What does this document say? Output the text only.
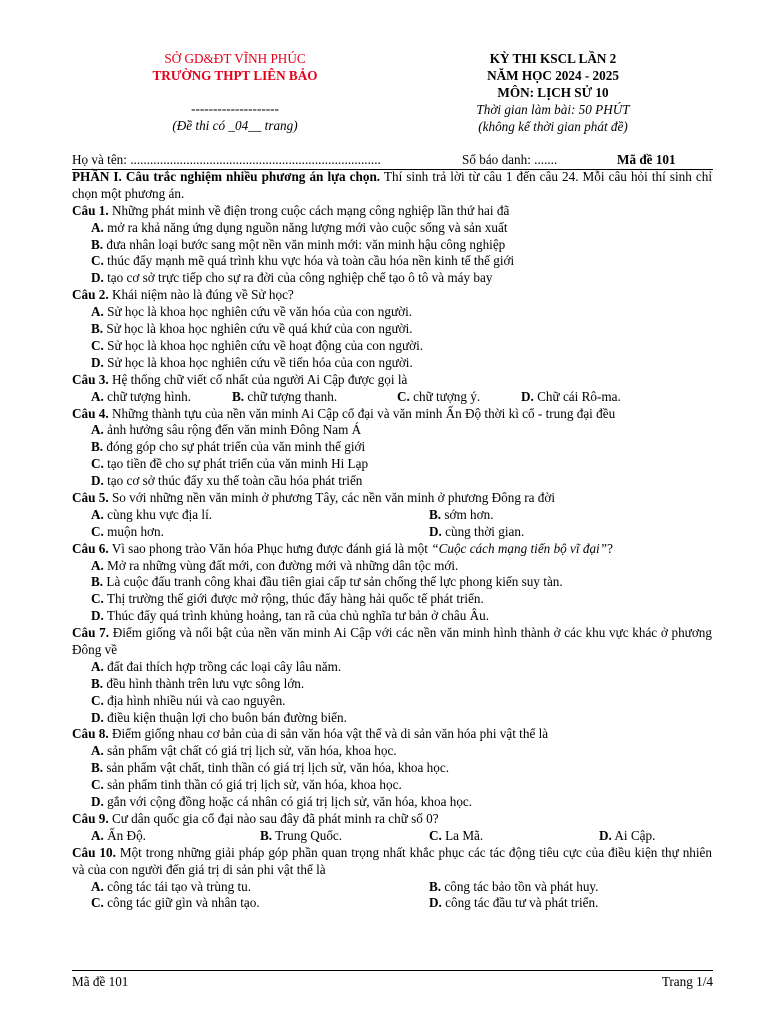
SỞ GD&ĐT VĨNH PHÚC
TRƯỜNG THPT LIÊN BẢO
--------------------
(Đề thi có _04__ trang)
KỲ THI KSCL LẦN 2
NĂM HỌC 2024 - 2025
MÔN: LỊCH SỬ 10
Thời gian làm bài: 50 PHÚT
(không kể thời gian phát đề)
Họ và tên: ............................................................................	Số báo danh: .......	Mã đề 101
PHẦN I. Câu trắc nghiệm nhiều phương án lựa chọn. Thí sinh trả lời từ câu 1 đến câu 24. Mỗi câu hỏi thí sinh chỉ chọn một phương án.
Câu 1. Những phát minh về điện trong cuộc cách mạng công nghiệp lần thứ hai đã
A. mở ra khả năng ứng dụng nguồn năng lượng mới vào cuộc sống và sản xuất
B. đưa nhân loại bước sang một nền văn minh mới: văn minh hậu công nghiệp
C. thúc đẩy mạnh mẽ quá trình khu vực hóa và toàn cầu hóa nền kinh tế thế giới
D. tạo cơ sở trực tiếp cho sự ra đời của công nghiệp chế tạo ô tô và máy bay
Câu 2. Khái niệm nào là đúng về Sử học?
A. Sử học là khoa học nghiên cứu về văn hóa của con người.
B. Sử học là khoa học nghiên cứu về quá khứ của con người.
C. Sử học là khoa học nghiên cứu về hoạt động của con người.
D. Sử học là khoa học nghiên cứu về tiến hóa của con người.
Câu 3. Hệ thống chữ viết cổ nhất của người Ai Cập được gọi là
A. chữ tượng hình.	B. chữ tượng thanh.	C. chữ tượng ý.	D. Chữ cái Rô-ma.
Câu 4. Những thành tựu của nền văn minh Ai Cập cổ đại và văn minh Ấn Độ thời kì cổ - trung đại đều
A. ảnh hưởng sâu rộng đến văn minh Đông Nam Á
B. đóng góp cho sự phát triển của văn minh thế giới
C. tạo tiền đề cho sự phát triển của văn minh Hi Lạp
D. tạo cơ sở thúc đẩy xu thế toàn cầu hóa phát triển
Câu 5. So với những nền văn minh ở phương Tây, các nền văn minh ở phương Đông ra đời
A. cùng khu vực địa lí.	B. sớm hơn.
C. muộn hơn.	D. cùng thời gian.
Câu 6. Vì sao phong trào Văn hóa Phục hưng được đánh giá là một “Cuộc cách mạng tiến bộ vĩ đại”?
A. Mở ra những vùng đất mới, con đường mới và những dân tộc mới.
B. Là cuộc đấu tranh công khai đầu tiên giai cấp tư sản chống thế lực phong kiến suy tàn.
C. Thị trường thế giới được mở rộng, thúc đẩy hàng hải quốc tế phát triển.
D. Thúc đẩy quá trình khủng hoảng, tan rã của chủ nghĩa tư bản ở châu Âu.
Câu 7. Điểm giống và nổi bật của nền văn minh Ai Cập với các nền văn minh hình thành ở các khu vực khác ở phương Đông về
A. đất đai thích hợp trồng các loại cây lâu năm.
B. đều hình thành trên lưu vực sông lớn.
C. địa hình nhiều núi và cao nguyên.
D. điều kiện thuận lợi cho buôn bán đường biển.
Câu 8. Điểm giống nhau cơ bản của di sản văn hóa vật thể và di sản văn hóa phi vật thể là
A. sản phẩm vật chất có giá trị lịch sử, văn hóa, khoa học.
B. sản phẩm vật chất, tinh thần có giá trị lịch sử, văn hóa, khoa học.
C. sản phẩm tinh thần có giá trị lịch sử, văn hóa, khoa học.
D. gắn với cộng đồng hoặc cá nhân có giá trị lịch sử, văn hóa, khoa học.
Câu 9. Cư dân quốc gia cổ đại nào sau đây đã phát minh ra chữ số 0?
A. Ấn Độ.	B. Trung Quốc.	C. La Mã.	D. Ai Cập.
Câu 10. Một trong những giải pháp góp phần quan trọng nhất khắc phục các tác động tiêu cực của điều kiện thự nhiên và của con người đến giá trị di sản phi vật thể là
A. công tác tái tạo và trùng tu.	B. công tác bảo tồn và phát huy.
C. công tác giữ gìn và nhân tạo.	D. công tác đầu tư và phát triển.
Mã đề 101	Trang 1/4
